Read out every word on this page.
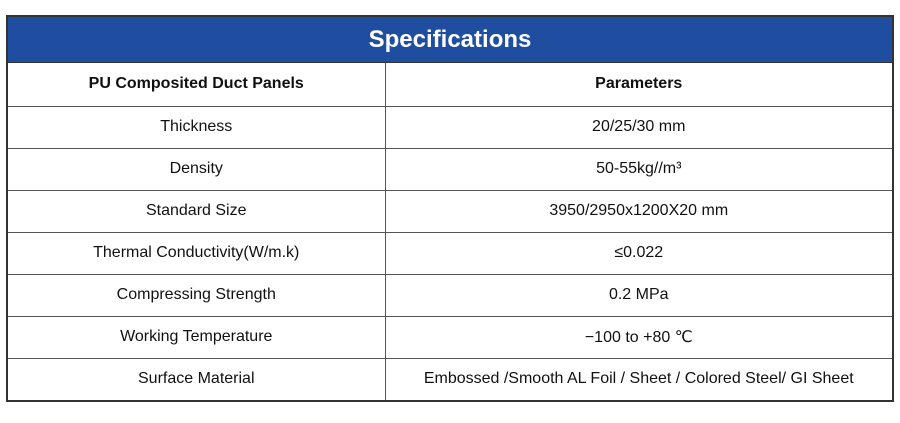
Specifications
PU Composited Duct Panels	Parameters
Thickness	20/25/30 mm
Density	50-55kg//m³
Standard Size	3950/2950x1200X20 mm
Thermal Conductivity(W/m.k)	≤0.022
Compressing Strength	0.2 MPa
Working Temperature	−100 to +80 ℃
Surface Material	Embossed /Smooth AL Foil / Sheet / Colored Steel/ GI Sheet
